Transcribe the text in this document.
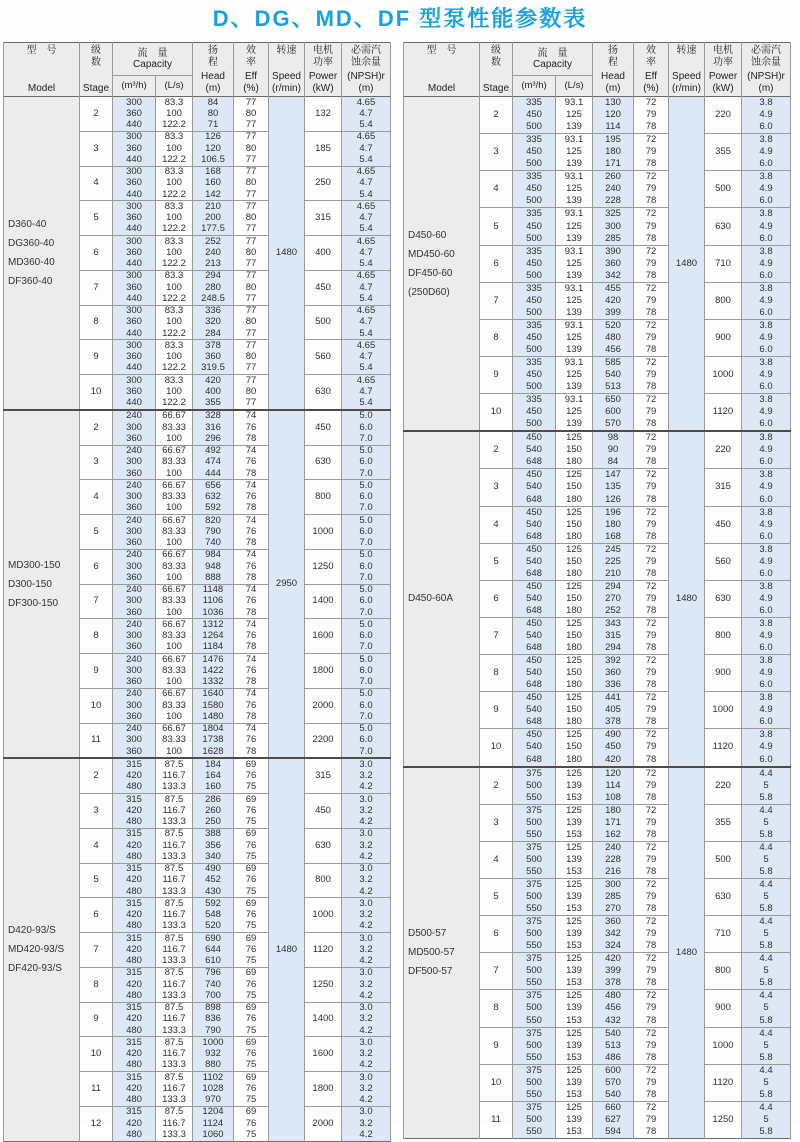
D、DG、MD、DF 型泵性能参数表
型　号
Model

级
数
Stage

流　量
Capacity

扬
程
Head
(m)

效
率
Eff
(%)

转速
Speed
(r/min)

电机
功率
Power
(kW)

必需汽
蚀余量
(NPSH)r
(m)

		(m³/h)	(L/s)					

D360-40
DG360-40
MD360-40
DF360-40	2	300	83.3	84	77	1480	132	4.65
		360	100	80	80			4.7
		440	122.2	71	77			5.4
	3	300	83.3	126	77		185	4.65
		360	100	120	80			4.7
		440	122.2	106.5	77			5.4
	4	300	83.3	168	77		250	4.65
		360	100	160	80			4.7
		440	122.2	142	77			5.4
	5	300	83.3	210	77		315	4.65
		360	100	200	80			4.7
		440	122.2	177.5	77			5.4
	6	300	83.3	252	77		400	4.65
		360	100	240	80			4.7
		440	122.2	213	77			5.4
	7	300	83.3	294	77		450	4.65
		360	100	280	80			4.7
		440	122.2	248.5	77			5.4
	8	300	83.3	336	77		500	4.65
		360	100	320	80			4.7
		440	122.2	284	77			5.4
	9	300	83.3	378	77		560	4.65
		360	100	360	80			4.7
		440	122.2	319.5	77			5.4
	10	300	83.3	420	77		630	4.65
		360	100	400	80			4.7
		440	122.2	355	77			5.4

MD300-150
D300-150
DF300-150	2	240	66.67	328	74	2950	450	5.0
		300	83.33	316	76			6.0
		360	100	296	78			7.0
	3	240	66.67	492	74		630	5.0
		300	83.33	474	76			6.0
		360	100	444	78			7.0
	4	240	66.67	656	74		800	5.0
		300	83.33	632	76			6.0
		360	100	592	78			7.0
	5	240	66.67	820	74		1000	5.0
		300	83.33	790	76			6.0
		360	100	740	78			7.0
	6	240	66.67	984	74		1250	5.0
		300	83.33	948	76			6.0
		360	100	888	78			7.0
	7	240	66.67	1148	74		1400	5.0
		300	83.33	1106	76			6.0
		360	100	1036	78			7.0
	8	240	66.67	1312	74		1600	5.0
		300	83.33	1264	76			6.0
		360	100	1184	78			7.0
	9	240	66.67	1476	74		1800	5.0
		300	83.33	1422	76			6.0
		360	100	1332	78			7.0
	10	240	66.67	1640	74		2000	5.0
		300	83.33	1580	76			6.0
		360	100	1480	78			7.0
	11	240	66.67	1804	74		2200	5.0
		300	83.33	1738	76			6.0
		360	100	1628	78			7.0

D420-93/S
MD420-93/S
DF420-93/S	2	315	87.5	184	69	1480	315	3.0
		420	116.7	164	76			3.2
		480	133.3	160	75			4.2
	3	315	87.5	286	69		450	3.0
		420	116.7	260	76			3.2
		480	133.3	250	75			4.2
	4	315	87.5	388	69		630	3.0
		420	116.7	356	76			3.2
		480	133.3	340	75			4.2
	5	315	87.5	490	69		800	3.0
		420	116.7	452	76			3.2
		480	133.3	430	75			4.2
	6	315	87.5	592	69		1000	3.0
		420	116.7	548	76			3.2
		480	133.3	520	75			4.2
	7	315	87.5	690	69		1120	3.0
		420	116.7	644	76			3.2
		480	133.3	610	75			4.2
	8	315	87.5	796	69		1250	3.0
		420	116.7	740	76			3.2
		480	133.3	700	75			4.2
	9	315	87.5	898	69		1400	3.0
		420	116.7	836	76			3.2
		480	133.3	790	75			4.2
	10	315	87.5	1000	69		1600	3.0
		420	116.7	932	76			3.2
		480	133.3	880	75			4.2
	11	315	87.5	1102	69		1800	3.0
		420	116.7	1028	76			3.2
		480	133.3	970	75			4.2
	12	315	87.5	1204	69		2000	3.0
		420	116.7	1124	76			3.2
		480	133.3	1060	75			4.2
型　号
Model

级
数
Stage

流　量
Capacity

扬
程
Head
(m)

效
率
Eff
(%)

转速
Speed
(r/min)

电机
功率
Power
(kW)

必需汽
蚀余量
(NPSH)r
(m)

		(m³/h)	(L/s)					

D450-60
MD450-60
DF450-60
(250D60)	2	335	93.1	130	72	1480	220	3.8
		450	125	120	79			4.9
		500	139	114	78			6.0
	3	335	93.1	195	72		355	3.8
		450	125	180	79			4.9
		500	139	171	78			6.0
	4	335	93.1	260	72		500	3.8
		450	125	240	79			4.9
		500	139	228	78			6.0
	5	335	93.1	325	72		630	3.8
		450	125	300	79			4.9
		500	139	285	78			6.0
	6	335	93.1	390	72		710	3.8
		450	125	360	79			4.9
		500	139	342	78			6.0
	7	335	93.1	455	72		800	3.8
		450	125	420	79			4.9
		500	139	399	78			6.0
	8	335	93.1	520	72		900	3.8
		450	125	480	79			4.9
		500	139	456	78			6.0
	9	335	93.1	585	72		1000	3.8
		450	125	540	79			4.9
		500	139	513	78			6.0
	10	335	93.1	650	72		1120	3.8
		450	125	600	79			4.9
		500	139	570	78			6.0

D450-60A	2	450	125	98	72	1480	220	3.8
		540	150	90	79			4.9
		648	180	84	78			6.0
	3	450	125	147	72		315	3.8
		540	150	135	79			4.9
		648	180	126	78			6.0
	4	450	125	196	72		450	3.8
		540	150	180	79			4.9
		648	180	168	78			6.0
	5	450	125	245	72		560	3.8
		540	150	225	79			4.9
		648	180	210	78			6.0
	6	450	125	294	72		630	3.8
		540	150	270	79			4.9
		648	180	252	78			6.0
	7	450	125	343	72		800	3.8
		540	150	315	79			4.9
		648	180	294	78			6.0
	8	450	125	392	72		900	3.8
		540	150	360	79			4.9
		648	180	336	78			6.0
	9	450	125	441	72		1000	3.8
		540	150	405	79			4.9
		648	180	378	78			6.0
	10	450	125	490	72		1120	3.8
		540	150	450	79			4.9
		648	180	420	78			6.0

D500-57
MD500-57
DF500-57	2	375	125	120	72	1480	220	4.4
		500	139	114	79			5
		550	153	108	78			5.8
	3	375	125	180	72		355	4.4
		500	139	171	79			5
		550	153	162	78			5.8
	4	375	125	240	72		500	4.4
		500	139	228	79			5
		550	153	216	78			5.8
	5	375	125	300	72		630	4.4
		500	139	285	79			5
		550	153	270	78			5.8
	6	375	125	360	72		710	4.4
		500	139	342	79			5
		550	153	324	78			5.8
	7	375	125	420	72		800	4.4
		500	139	399	79			5
		550	153	378	78			5.8
	8	375	125	480	72		900	4.4
		500	139	456	79			5
		550	153	432	78			5.8
	9	375	125	540	72		1000	4.4
		500	139	513	79			5
		550	153	486	78			5.8
	10	375	125	600	72		1120	4.4
		500	139	570	79			5
		550	153	540	78			5.8
	11	375	125	660	72		1250	4.4
		500	139	627	79			5
		550	153	594	78			5.8
